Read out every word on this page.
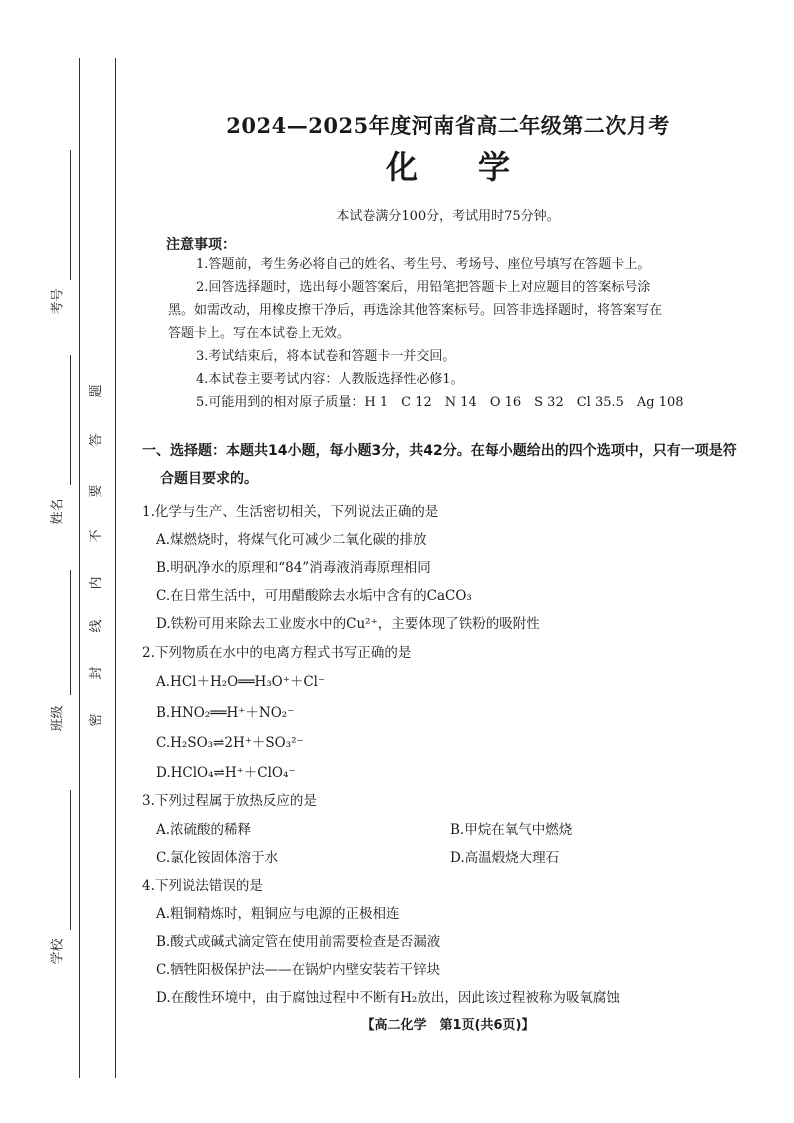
考号
姓名
班级
学校
题
答
要
不
内
线
封
密
2024—2025年度河南省高二年级第二次月考
化学
本试卷满分100分，考试用时75分钟。
注意事项：
1.答题前，考生务必将自己的姓名、考生号、考场号、座位号填写在答题卡上。
2.回答选择题时，选出每小题答案后，用铅笔把答题卡上对应题目的答案标号涂
黑。如需改动，用橡皮擦干净后，再选涂其他答案标号。回答非选择题时，将答案写在
答题卡上。写在本试卷上无效。
3.考试结束后，将本试卷和答题卡一并交回。
4.本试卷主要考试内容：人教版选择性必修1。
5.可能用到的相对原子质量：H 1　C 12　N 14　O 16　S 32　Cl 35.5　Ag 108
一、选择题：本题共14小题，每小题3分，共42分。在每小题给出的四个选项中，只有一项是符
合题目要求的。
1.化学与生产、生活密切相关，下列说法正确的是
A.煤燃烧时，将煤气化可减少二氧化碳的排放
B.明矾净水的原理和“84”消毒液消毒原理相同
C.在日常生活中，可用醋酸除去水垢中含有的CaCO₃
D.铁粉可用来除去工业废水中的Cu²⁺，主要体现了铁粉的吸附性
2.下列物质在水中的电离方程式书写正确的是
A.HCl＋H₂O══H₃O⁺＋Cl⁻
B.HNO₂══H⁺＋NO₂⁻
C.H₂SO₃⇌2H⁺＋SO₃²⁻
D.HClO₄⇌H⁺＋ClO₄⁻
3.下列过程属于放热反应的是
A.浓硫酸的稀释	B.甲烷在氧气中燃烧
C.氯化铵固体溶于水	D.高温煅烧大理石
4.下列说法错误的是
A.粗铜精炼时，粗铜应与电源的正极相连
B.酸式或碱式滴定管在使用前需要检查是否漏液
C.牺牲阳极保护法——在锅炉内壁安装若干锌块
D.在酸性环境中，由于腐蚀过程中不断有H₂放出，因此该过程被称为吸氧腐蚀
【高二化学　第1页(共6页)】
